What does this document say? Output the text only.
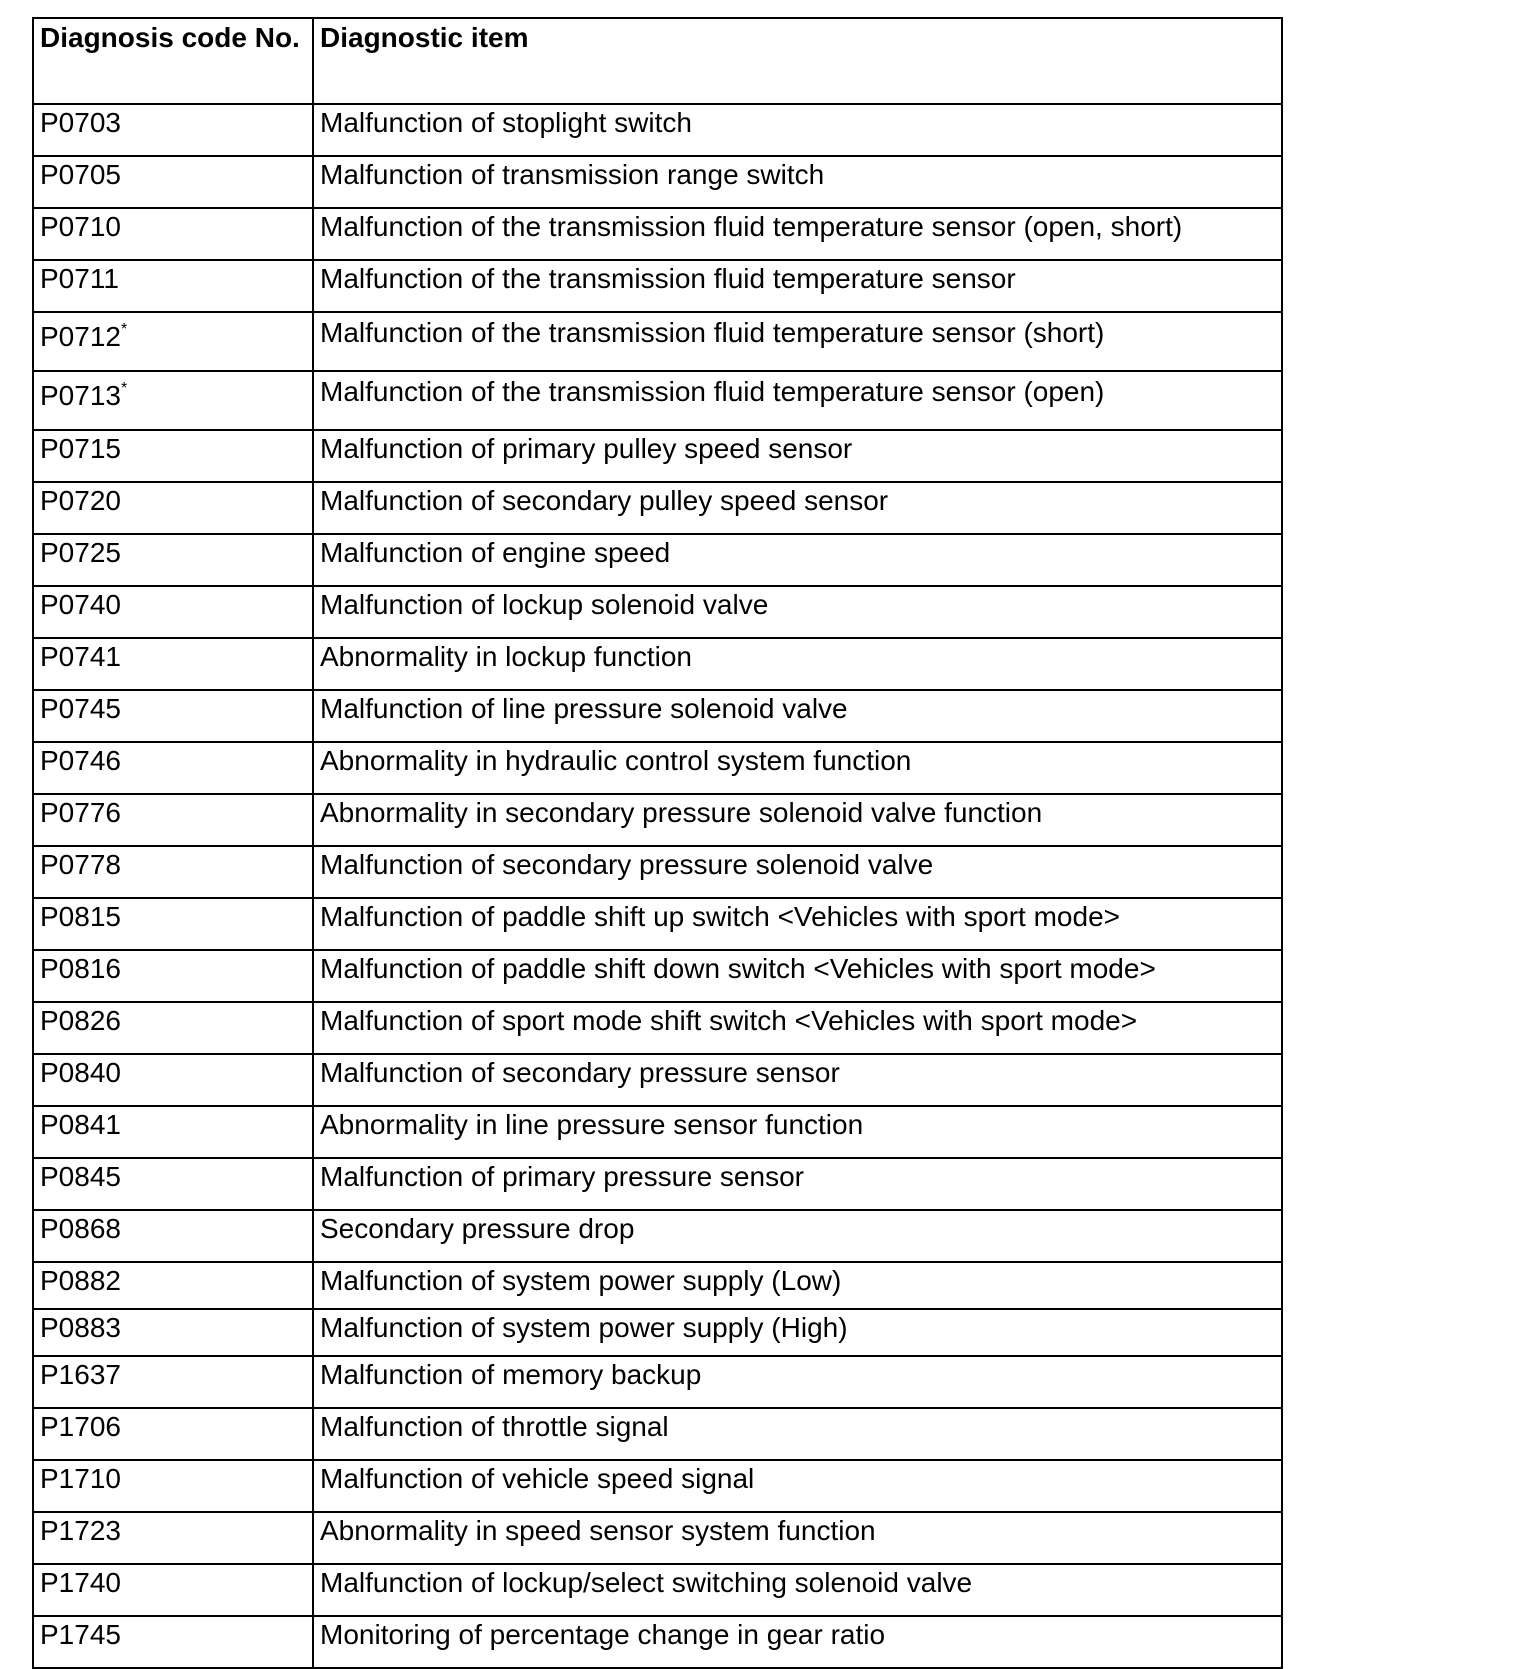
Diagnosis code No.	Diagnostic item
P0703	Malfunction of stoplight switch
P0705	Malfunction of transmission range switch
P0710	Malfunction of the transmission fluid temperature sensor (open, short)
P0711	Malfunction of the transmission fluid temperature sensor
P0712*	Malfunction of the transmission fluid temperature sensor (short)
P0713*	Malfunction of the transmission fluid temperature sensor (open)
P0715	Malfunction of primary pulley speed sensor
P0720	Malfunction of secondary pulley speed sensor
P0725	Malfunction of engine speed
P0740	Malfunction of lockup solenoid valve
P0741	Abnormality in lockup function
P0745	Malfunction of line pressure solenoid valve
P0746	Abnormality in hydraulic control system function
P0776	Abnormality in secondary pressure solenoid valve function
P0778	Malfunction of secondary pressure solenoid valve
P0815	Malfunction of paddle shift up switch <Vehicles with sport mode>
P0816	Malfunction of paddle shift down switch <Vehicles with sport mode>
P0826	Malfunction of sport mode shift switch <Vehicles with sport mode>
P0840	Malfunction of secondary pressure sensor
P0841	Abnormality in line pressure sensor function
P0845	Malfunction of primary pressure sensor
P0868	Secondary pressure drop
P0882	Malfunction of system power supply (Low)
P0883	Malfunction of system power supply (High)
P1637	Malfunction of memory backup
P1706	Malfunction of throttle signal
P1710	Malfunction of vehicle speed signal
P1723	Abnormality in speed sensor system function
P1740	Malfunction of lockup/select switching solenoid valve
P1745	Monitoring of percentage change in gear ratio
